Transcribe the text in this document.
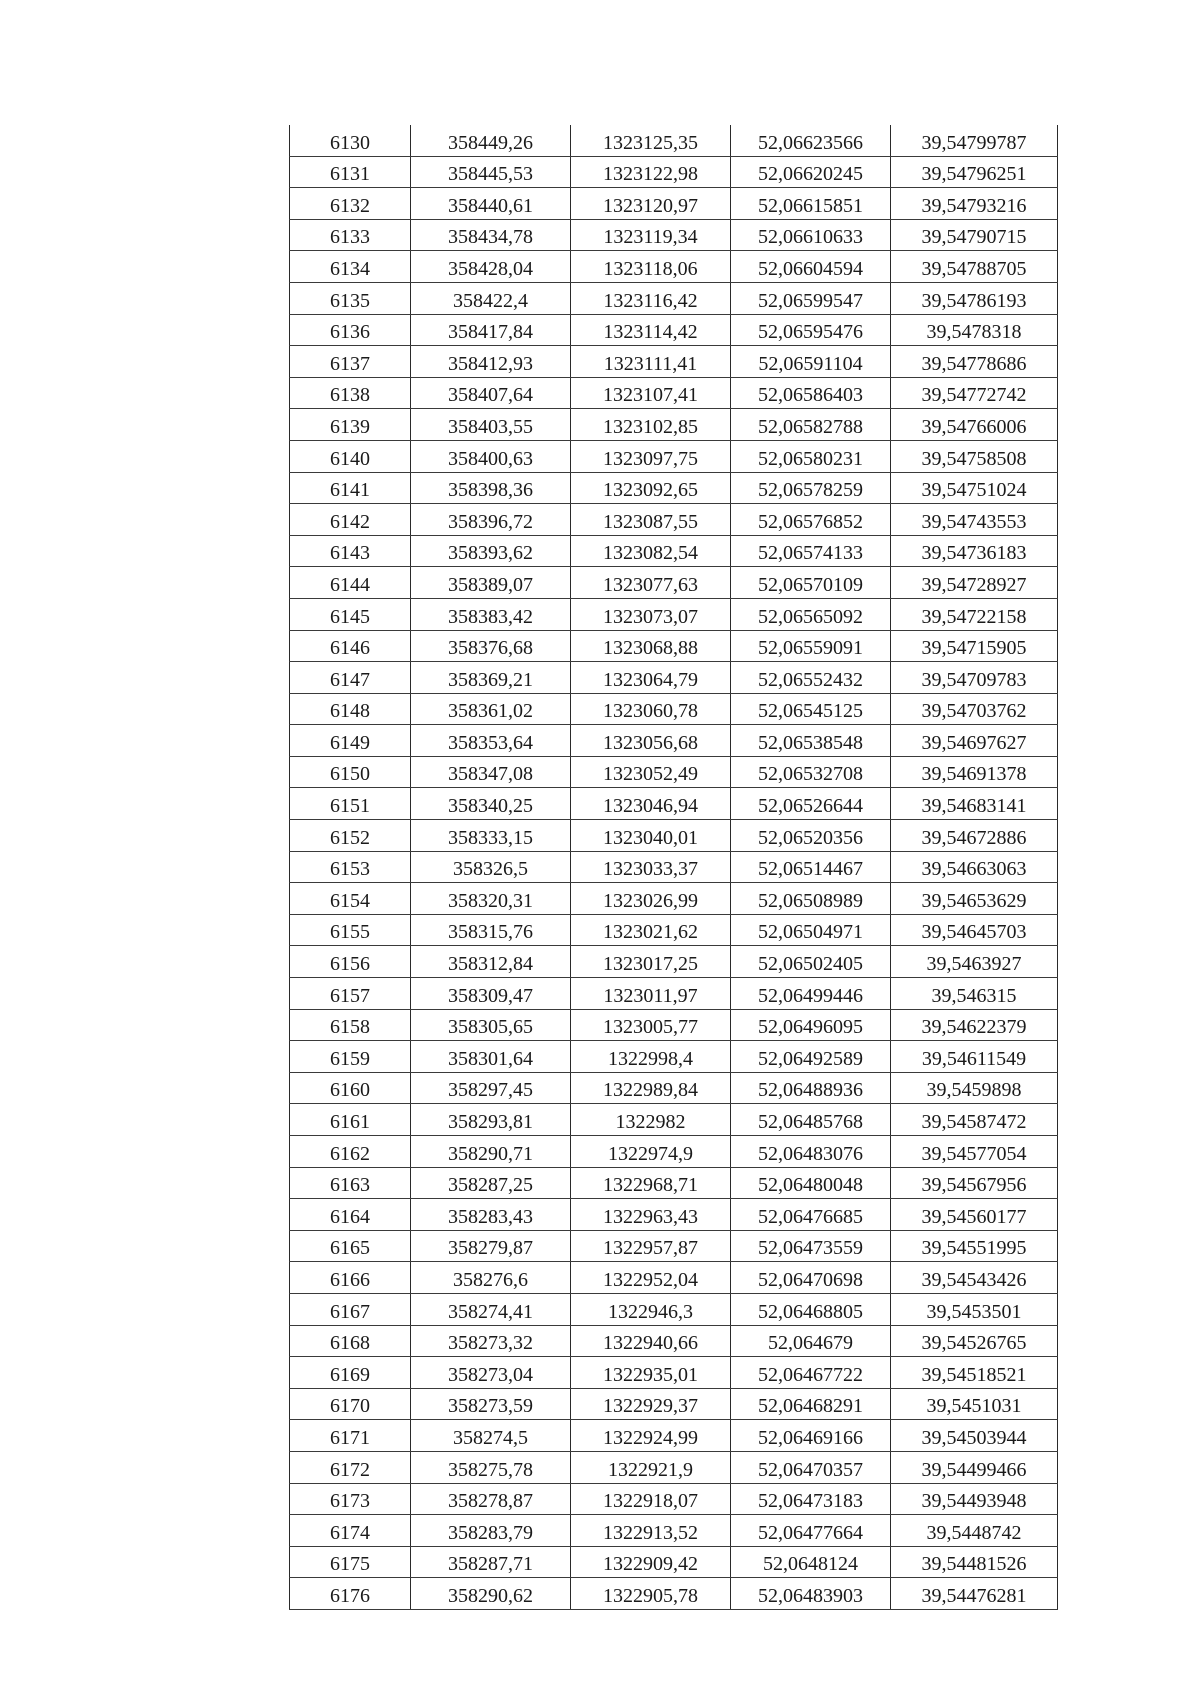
6130	358449,26	1323125,35	52,06623566	39,54799787
6131	358445,53	1323122,98	52,06620245	39,54796251
6132	358440,61	1323120,97	52,06615851	39,54793216
6133	358434,78	1323119,34	52,06610633	39,54790715
6134	358428,04	1323118,06	52,06604594	39,54788705
6135	358422,4	1323116,42	52,06599547	39,54786193
6136	358417,84	1323114,42	52,06595476	39,5478318
6137	358412,93	1323111,41	52,06591104	39,54778686
6138	358407,64	1323107,41	52,06586403	39,54772742
6139	358403,55	1323102,85	52,06582788	39,54766006
6140	358400,63	1323097,75	52,06580231	39,54758508
6141	358398,36	1323092,65	52,06578259	39,54751024
6142	358396,72	1323087,55	52,06576852	39,54743553
6143	358393,62	1323082,54	52,06574133	39,54736183
6144	358389,07	1323077,63	52,06570109	39,54728927
6145	358383,42	1323073,07	52,06565092	39,54722158
6146	358376,68	1323068,88	52,06559091	39,54715905
6147	358369,21	1323064,79	52,06552432	39,54709783
6148	358361,02	1323060,78	52,06545125	39,54703762
6149	358353,64	1323056,68	52,06538548	39,54697627
6150	358347,08	1323052,49	52,06532708	39,54691378
6151	358340,25	1323046,94	52,06526644	39,54683141
6152	358333,15	1323040,01	52,06520356	39,54672886
6153	358326,5	1323033,37	52,06514467	39,54663063
6154	358320,31	1323026,99	52,06508989	39,54653629
6155	358315,76	1323021,62	52,06504971	39,54645703
6156	358312,84	1323017,25	52,06502405	39,5463927
6157	358309,47	1323011,97	52,06499446	39,546315
6158	358305,65	1323005,77	52,06496095	39,54622379
6159	358301,64	1322998,4	52,06492589	39,54611549
6160	358297,45	1322989,84	52,06488936	39,5459898
6161	358293,81	1322982	52,06485768	39,54587472
6162	358290,71	1322974,9	52,06483076	39,54577054
6163	358287,25	1322968,71	52,06480048	39,54567956
6164	358283,43	1322963,43	52,06476685	39,54560177
6165	358279,87	1322957,87	52,06473559	39,54551995
6166	358276,6	1322952,04	52,06470698	39,54543426
6167	358274,41	1322946,3	52,06468805	39,5453501
6168	358273,32	1322940,66	52,064679	39,54526765
6169	358273,04	1322935,01	52,06467722	39,54518521
6170	358273,59	1322929,37	52,06468291	39,5451031
6171	358274,5	1322924,99	52,06469166	39,54503944
6172	358275,78	1322921,9	52,06470357	39,54499466
6173	358278,87	1322918,07	52,06473183	39,54493948
6174	358283,79	1322913,52	52,06477664	39,5448742
6175	358287,71	1322909,42	52,0648124	39,54481526
6176	358290,62	1322905,78	52,06483903	39,54476281
